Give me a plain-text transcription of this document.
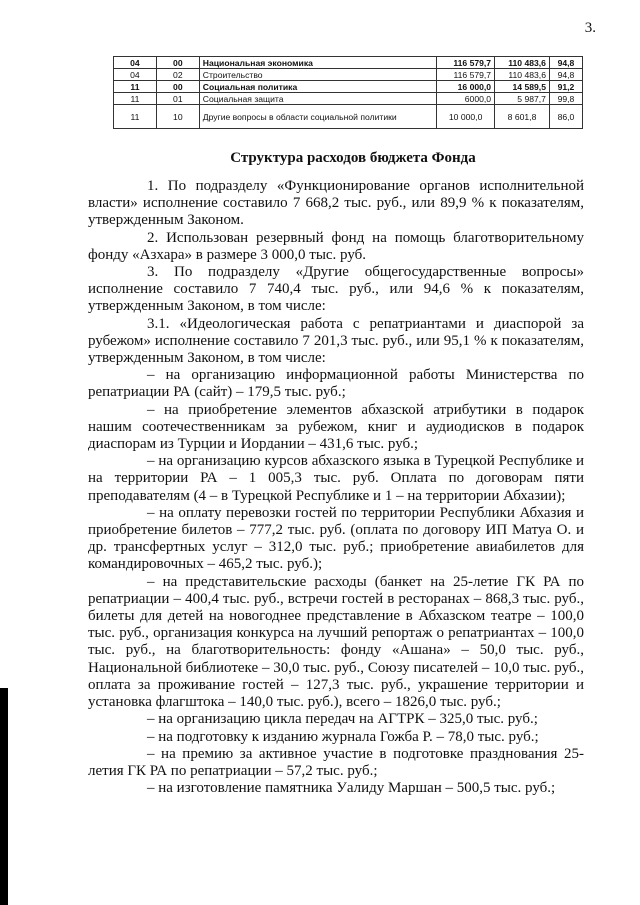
3.
04	00	Национальная экономика	116 579,7	110 483,6	94,8
04	02	Строительство	116 579,7	110 483,6	94,8
11	00	Социальная политика	16 000,0	14 589,5	91,2
11	01	Социальная защита	6000,0	5 987,7	99,8
11	10	Другие вопросы в области социальной политики	10 000,0	8 601,8	86,0
Структура расходов бюджета Фонда

1. По подразделу «Функционирование органов исполнительной власти» исполнение составило 7 668,2 тыс. руб., или 89,9 % к показателям, утвержденным Законом.

2. Использован резервный фонд на помощь благотворительному фонду «Азхара» в размере 3 000,0 тыс. руб.

3. По подразделу «Другие общегосударственные вопросы» исполнение составило 7 740,4 тыс. руб., или 94,6 % к показателям, утвержденным Законом, в том числе:

3.1. «Идеологическая работа с репатриантами и диаспорой за рубежом» исполнение составило 7 201,3 тыс. руб., или 95,1 % к показателям, утвержденным Законом, в том числе:

– на организацию информационной работы Министерства по репатриации РА (сайт) – 179,5 тыс. руб.;

– на приобретение элементов абхазской атрибутики в подарок нашим соотечественникам за рубежом, книг и аудиодисков в подарок диаспорам из Турции и Иордании – 431,6 тыс. руб.;

– на организацию курсов абхазского языка в Турецкой Республике и на территории РА – 1 005,3 тыс. руб. Оплата по договорам пяти преподавателям (4 – в Турецкой Республике и 1 – на территории Абхазии);

– на оплату перевозки гостей по территории Республики Абхазия и приобретение билетов – 777,2 тыс. руб. (оплата по договору ИП Матуа О. и др. трансфертных услуг – 312,0 тыс. руб.; приобретение авиабилетов для командировочных – 465,2 тыс. руб.);

– на представительские расходы (банкет на 25-летие ГК РА по репатриации – 400,4 тыс. руб., встречи гостей в ресторанах – 868,3 тыс. руб., билеты для детей на новогоднее представление в Абхазском театре – 100,0 тыс. руб., организация конкурса на лучший репортаж о репатриантах – 100,0 тыс. руб., на благотворительность: фонду «Ашана» – 50,0 тыс. руб., Национальной библиотеке – 30,0 тыс. руб., Союзу писателей – 10,0 тыс. руб., оплата за проживание гостей – 127,3 тыс. руб., украшение территории и установка флагштока – 140,0 тыс. руб.), всего – 1826,0 тыс. руб.;

– на организацию цикла передач на АГТРК – 325,0 тыс. руб.;

– на подготовку к изданию журнала Гожба Р. – 78,0 тыс. руб.;

– на премию за активное участие в подготовке празднования 25-летия ГК РА по репатриации – 57,2 тыс. руб.;

– на изготовление памятника Уалиду Маршан – 500,5 тыс. руб.;
